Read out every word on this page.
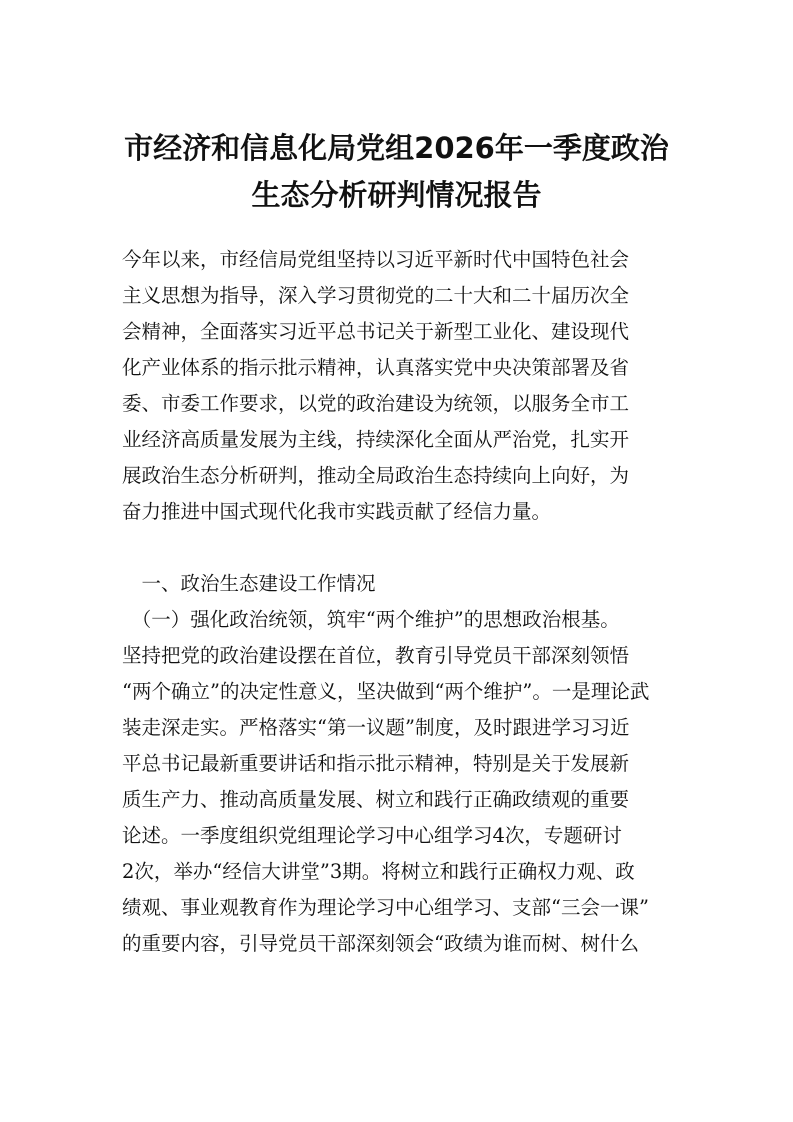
市经济和信息化局党组2026年一季度政治
生态分析研判情况报告
今年以来，市经信局党组坚持以习近平新时代中国特色社会
主义思想为指导，深入学习贯彻党的二十大和二十届历次全
会精神，全面落实习近平总书记关于新型工业化、建设现代
化产业体系的指示批示精神，认真落实党中央决策部署及省
委、市委工作要求，以党的政治建设为统领，以服务全市工
业经济高质量发展为主线，持续深化全面从严治党，扎实开
展政治生态分析研判，推动全局政治生态持续向上向好，为
奋力推进中国式现代化我市实践贡献了经信力量。
　一、政治生态建设工作情况
　（一）强化政治统领，筑牢“两个维护”的思想政治根基。
坚持把党的政治建设摆在首位，教育引导党员干部深刻领悟
“两个确立”的决定性意义，坚决做到“两个维护”。一是理论武
装走深走实。严格落实“第一议题”制度，及时跟进学习习近
平总书记最新重要讲话和指示批示精神，特别是关于发展新
质生产力、推动高质量发展、树立和践行正确政绩观的重要
论述。一季度组织党组理论学习中心组学习4次，专题研讨
2次，举办“经信大讲堂”3期。将树立和践行正确权力观、政
绩观、事业观教育作为理论学习中心组学习、支部“三会一课”
的重要内容，引导党员干部深刻领会“政绩为谁而树、树什么
